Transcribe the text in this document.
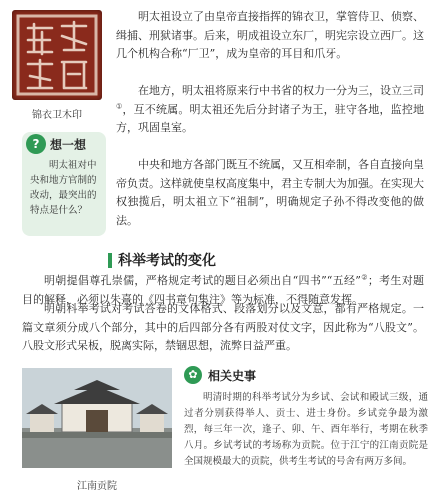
锦衣卫木印
? 想一想
明太祖对中央和地方官制的改动，最突出的特点是什么？

明太祖设立了由皇帝直接指挥的锦衣卫，掌管侍卫、侦察、缉捕、刑狱诸事。后来，明成祖设立东厂，明宪宗设立西厂。这几个机构合称“厂卫”，成为皇帝的耳目和爪牙。

在地方，明太祖将原来行中书省的权力一分为三，设立三司①，互不统属。明太祖还先后分封诸子为王，驻守各地，监控地方，巩固皇室。

中央和地方各部门既互不统属，又互相牵制，各自直接向皇帝负责。这样就使皇权高度集中，君主专制大为加强。在实现大权独揽后，明太祖立下“祖制”，明确规定子孙不得改变他的做法。

科举考试的变化

明朝提倡尊孔崇儒，严格规定考试的题目必须出自“四书”“五经”②；考生对题目的解释，必须以朱熹的《四书章句集注》等为标准，不得随意发挥。

明朝科举考试对考试答卷的文体格式、段落划分以及文意，都有严格规定。一篇文章须分成八个部分，其中的后四部分各有两股对仗文字，因此称为“八股文”。八股文形式呆板，脱离实际，禁锢思想，流弊日益严重。

江南贡院
✿ 相关史事

明清时期的科举考试分为乡试、会试和殿试三级，通过者分别获得举人、贡士、进士身份。乡试竞争最为激烈，每三年一次，逢子、卯、午、酉年举行，考期在秋季八月。乡试考试的考场称为贡院。位于江宁的江南贡院是全国规模最大的贡院，供考生考试的号舍有两万多间。
